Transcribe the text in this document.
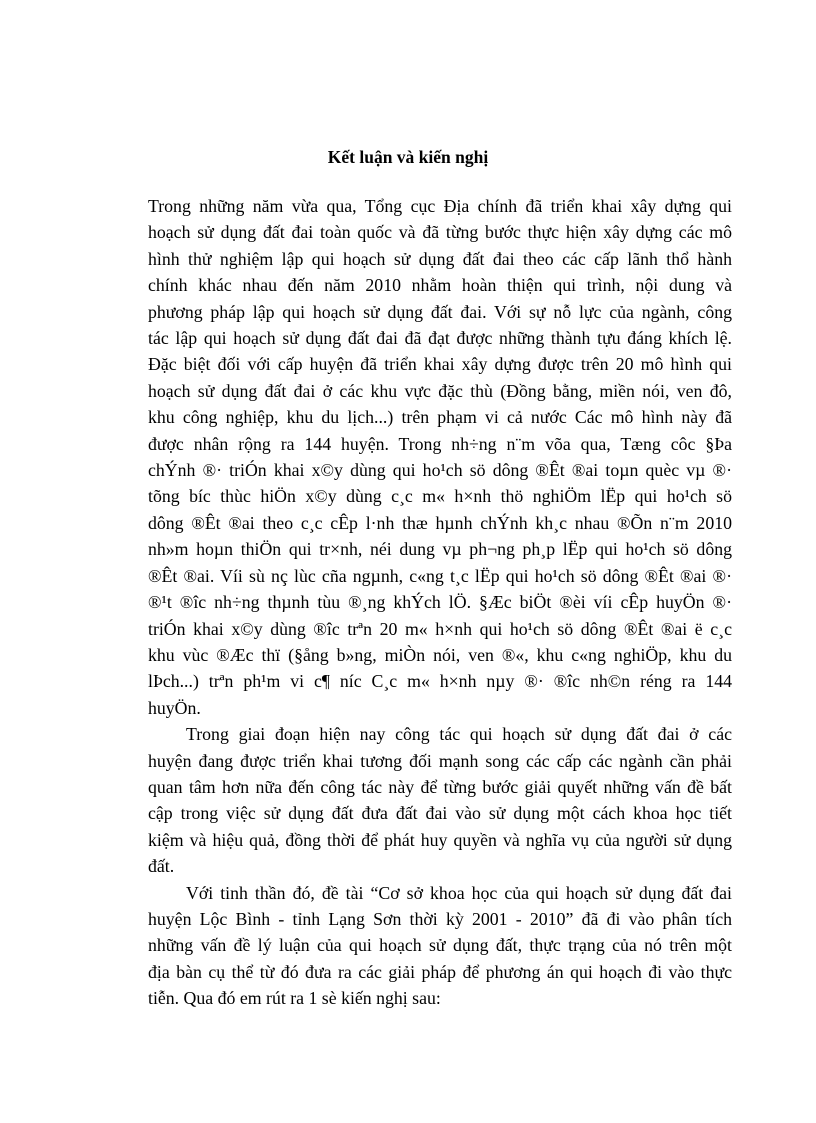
Kết luận và kiến nghị

Trong những năm vừa qua, Tổng cục Địa chính đã triển khai xây dựng qui
hoạch sử dụng đất đai toàn quốc và đã từng bước thực hiện xây dựng các mô
hình thử nghiệm lập qui hoạch sử dụng đất đai theo các cấp lãnh thổ hành
chính khác nhau đến năm 2010 nhằm hoàn thiện qui trình, nội dung và
phương pháp lập qui hoạch sử dụng đất đai. Với sự nỗ lực của ngành, công
tác lập qui hoạch sử dụng đất đai đã đạt được những thành tựu đáng khích lệ.
Đặc biệt đối với cấp huyện đã triển khai xây dựng được trên 20 mô hình qui
hoạch sử dụng đất đai ở các khu vực đặc thù (Đồng bằng, miền nói, ven đô,
khu công nghiệp, khu du lịch...) trên phạm vi cả nước Các mô hình này đã
được nhân rộng ra 144 huyện. Trong nh÷ng n¨m võa qua, Tæng côc §Þa
chÝnh ®· triÓn khai x©y dùng qui ho¹ch sö dông ®Êt ®ai toµn quèc vµ ®·
tõng bíc thùc hiÖn x©y dùng c¸c m« h×nh thö nghiÖm lËp qui ho¹ch sö
dông ®Êt ®ai theo c¸c cÊp l·nh thæ hµnh chÝnh kh¸c nhau ®Õn n¨m 2010
nh»m hoµn thiÖn qui tr×nh, néi dung vµ ph¬ng ph¸p lËp qui ho¹ch sö dông
®Êt ®ai. Víi sù nç lùc cña ngµnh, c«ng t¸c lËp qui ho¹ch sö dông ®Êt ®ai ®·
®¹t ®îc nh÷ng thµnh tùu ®¸ng khÝch lÖ. §Æc biÖt ®èi víi cÊp huyÖn ®·
triÓn khai x©y dùng ®îc trªn 20 m« h×nh qui ho¹ch sö dông ®Êt ®ai ë c¸c
khu vùc ®Æc thï (§ång b»ng, miÒn nói, ven ®«, khu c«ng nghiÖp, khu du
lÞch...) trªn ph¹m vi c¶ níc C¸c m« h×nh nµy ®· ®îc nh©n réng ra 144
huyÖn.

Trong giai đoạn hiện nay công tác qui hoạch sử dụng đất đai ở các
huyện đang được triển khai tương đối mạnh song các cấp các ngành cần phải
quan tâm hơn nữa đến công tác này để từng bước giải quyết những vấn đề bất
cập trong việc sử dụng đất đưa đất đai vào sử dụng một cách khoa học tiết
kiệm và hiệu quả, đồng thời để phát huy quyền và nghĩa vụ của người sử dụng
đất.

Với tinh thần đó, đề tài “Cơ sở khoa học của qui hoạch sử dụng đất đai
huyện Lộc Bình - tỉnh Lạng Sơn thời kỳ 2001 - 2010” đã đi vào phân tích
những vấn đề lý luận của qui hoạch sử dụng đất, thực trạng của nó trên một
địa bàn cụ thể từ đó đưa ra các giải pháp để phương án qui hoạch đi vào thực
tiễn. Qua đó em rút ra 1 sè kiến nghị sau:
